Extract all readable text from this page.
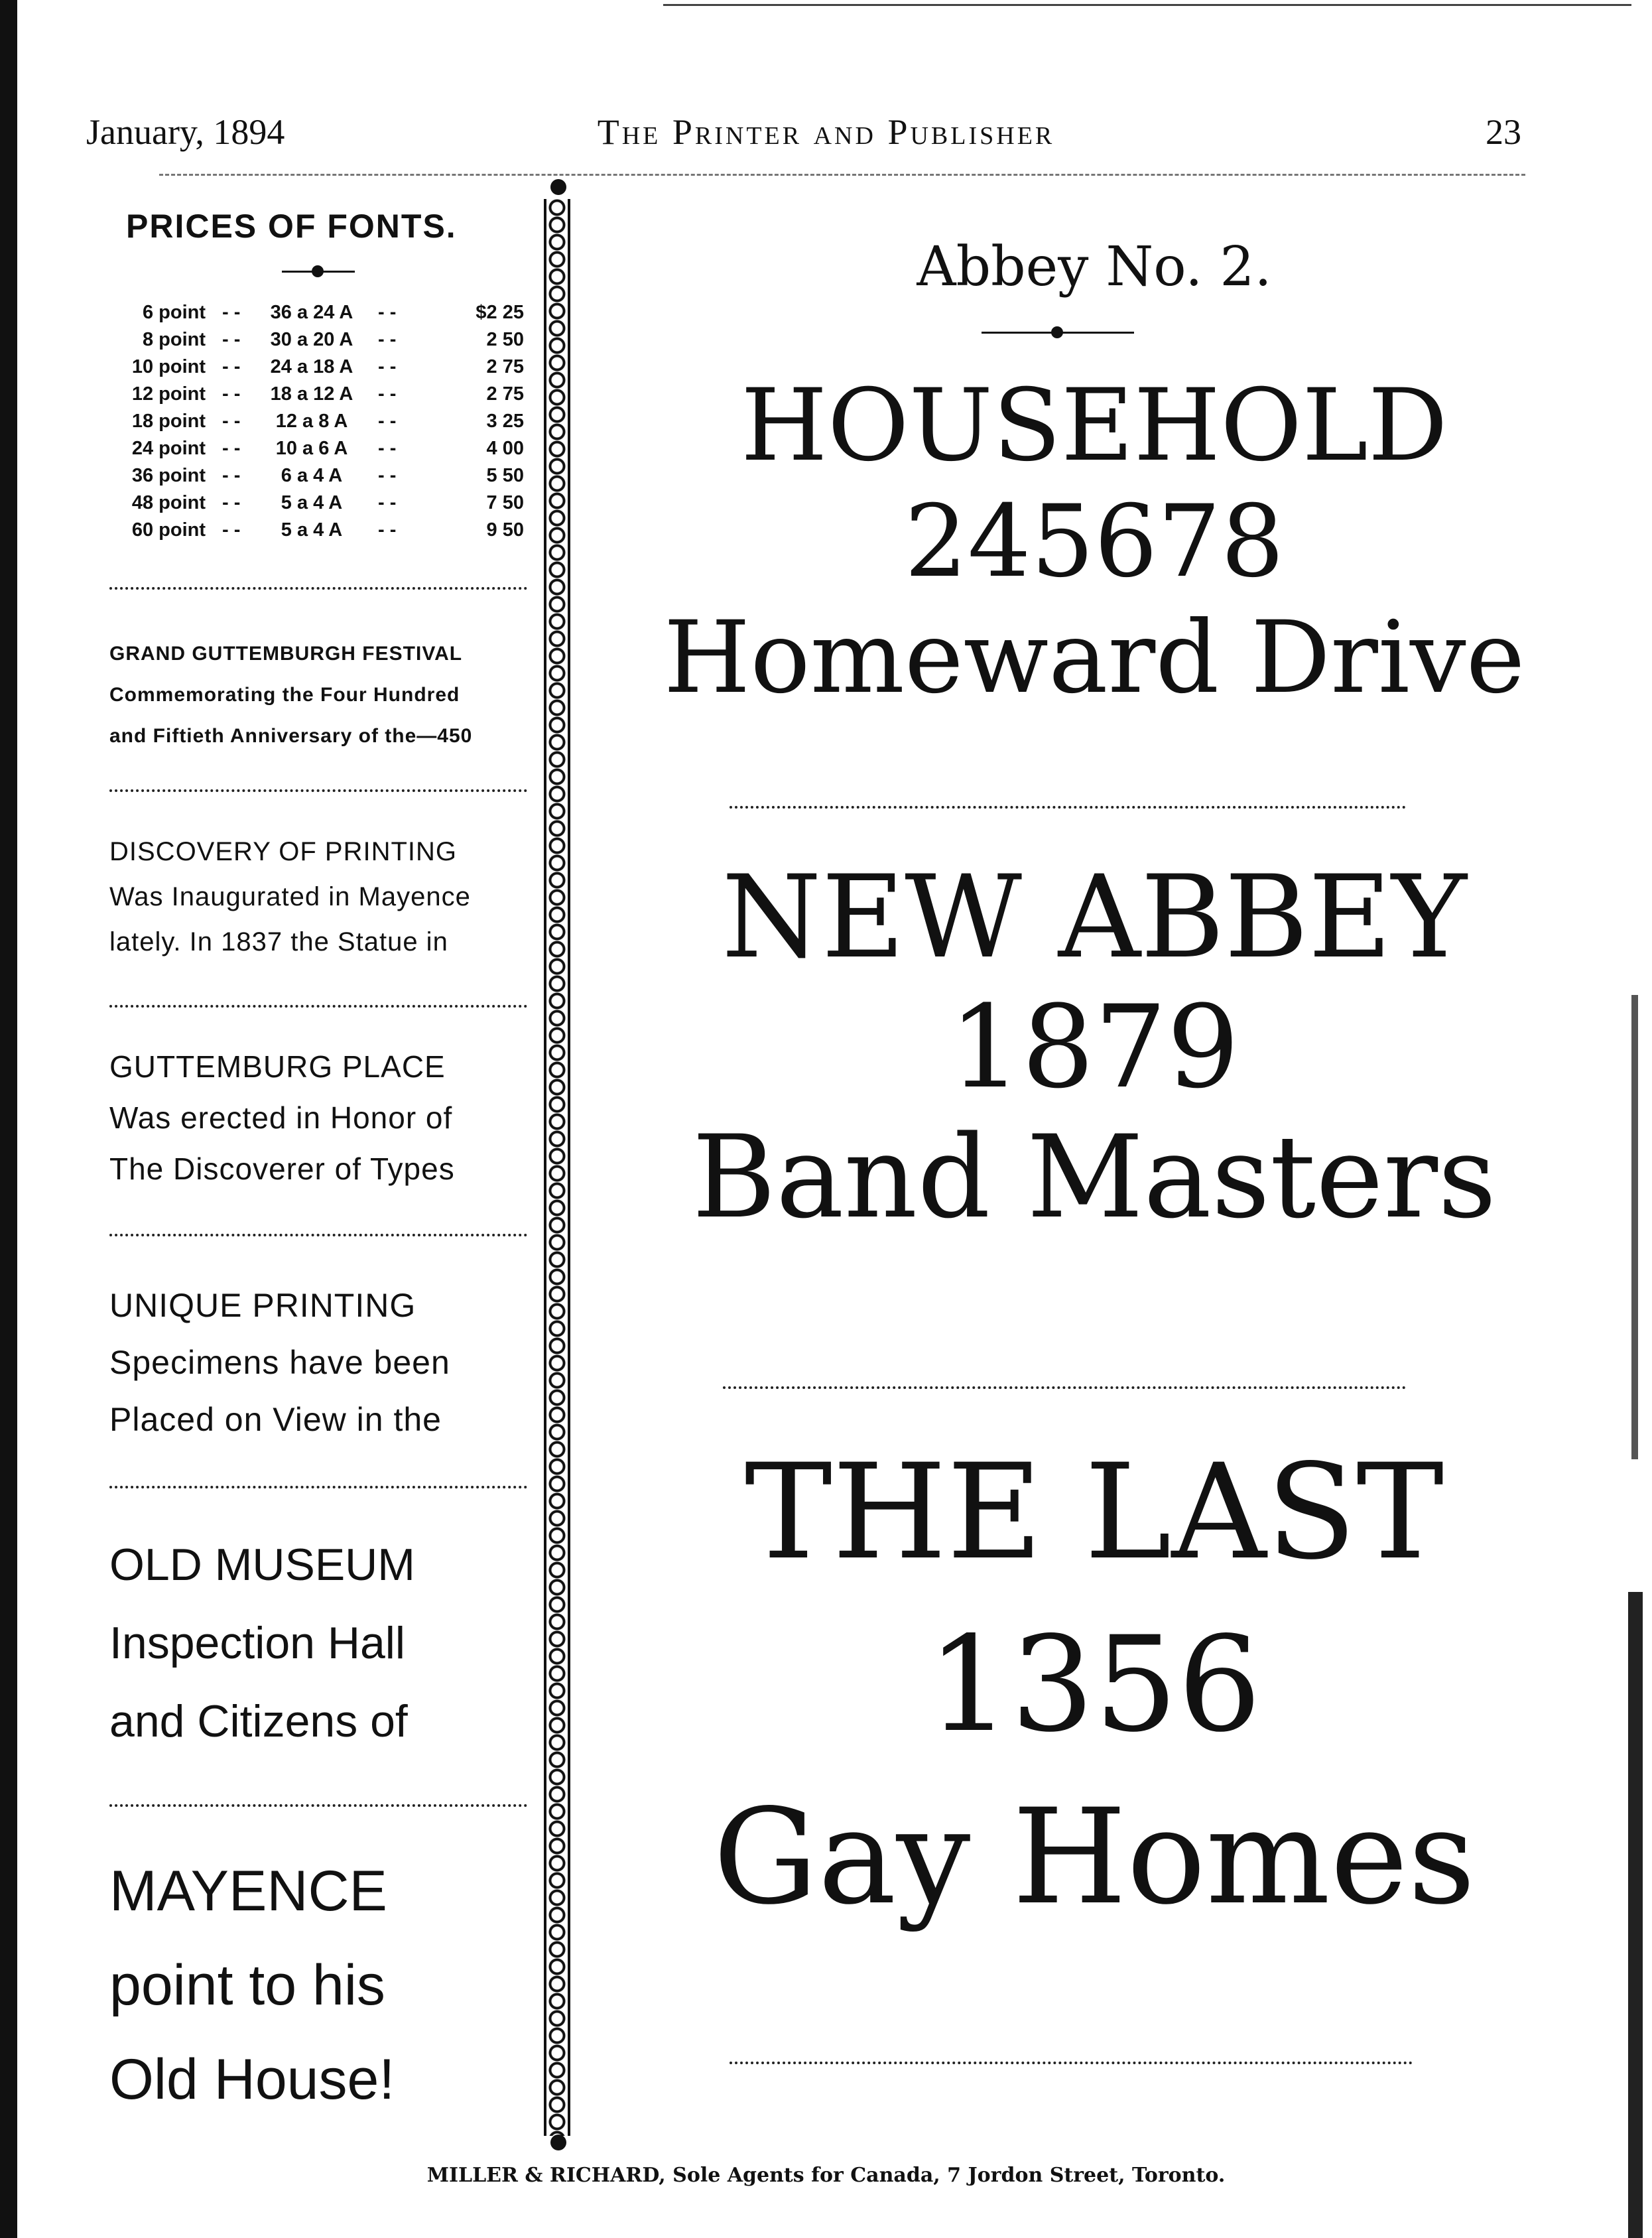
The Printer and Publisher
January, 1894	23
PRICES OF FONTS.
6 point - -	36 a 24 A	- -	$2 25
8 point - -	30 a 20 A	- -	2 50
10 point - -	24 a 18 A	- -	2 75
12 point - -	18 a 12 A	- -	2 75
18 point - -	12 a 8 A	- -	3 25
24 point - -	10 a 6 A	- -	4 00
36 point - -	6 a 4 A	- -	5 50
48 point - -	5 a 4 A	- -	7 50
60 point - -	5 a 4 A	- -	9 50
GRAND GUTTEMBURGH FESTIVAL
Commemorating the Four Hundred
and Fiftieth Anniversary of the—450
DISCOVERY OF PRINTING
Was Inaugurated in Mayence
lately. In 1837 the Statue in
GUTTEMBURG PLACE
Was erected in Honor of
The Discoverer of Types
UNIQUE PRINTING
Specimens have been
Placed on View in the
OLD MUSEUM
Inspection Hall
and Citizens of
MAYENCE
point to his
Old House!
Abbey No. 2.
HOUSEHOLD
245678
Homeward Drive
NEW ABBEY
1879
Band Masters
THE LAST
1356
Gay Homes
MILLER & RICHARD, Sole Agents for Canada, 7 Jordon Street, Toronto.
